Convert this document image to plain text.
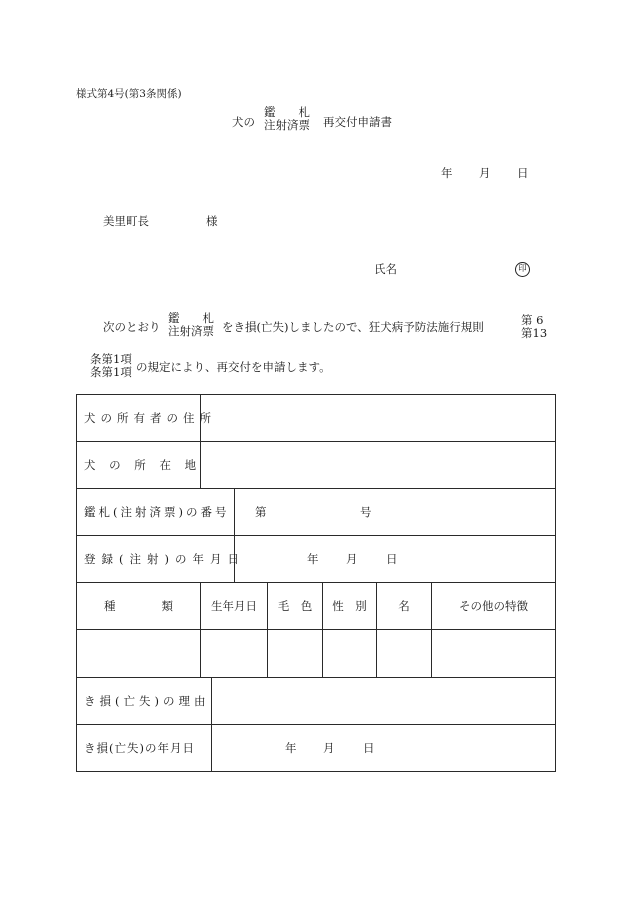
様式第4号(第3条関係)
犬の
鑑　　札
注射済票 再交付申請書
年 月 日
美里町長	様
氏名	印
次のとおり
鑑　　札
注射済票 をき損(亡失)しましたので、狂犬病予防法施行規則	第 6
第13
条第1項
条第1項 の規定により、再交付を申請します。
犬の所有者の住所							
犬 の 所 在 地							
鑑札(注射済票)の番号			第 号				

登録(注射)の年月日			年 月 日				

種　　　　類	生年月日			毛　色	性　別	名	その他の特徴

き損(亡失)の理由							
き損(亡失)の年月日		年 月 日					
